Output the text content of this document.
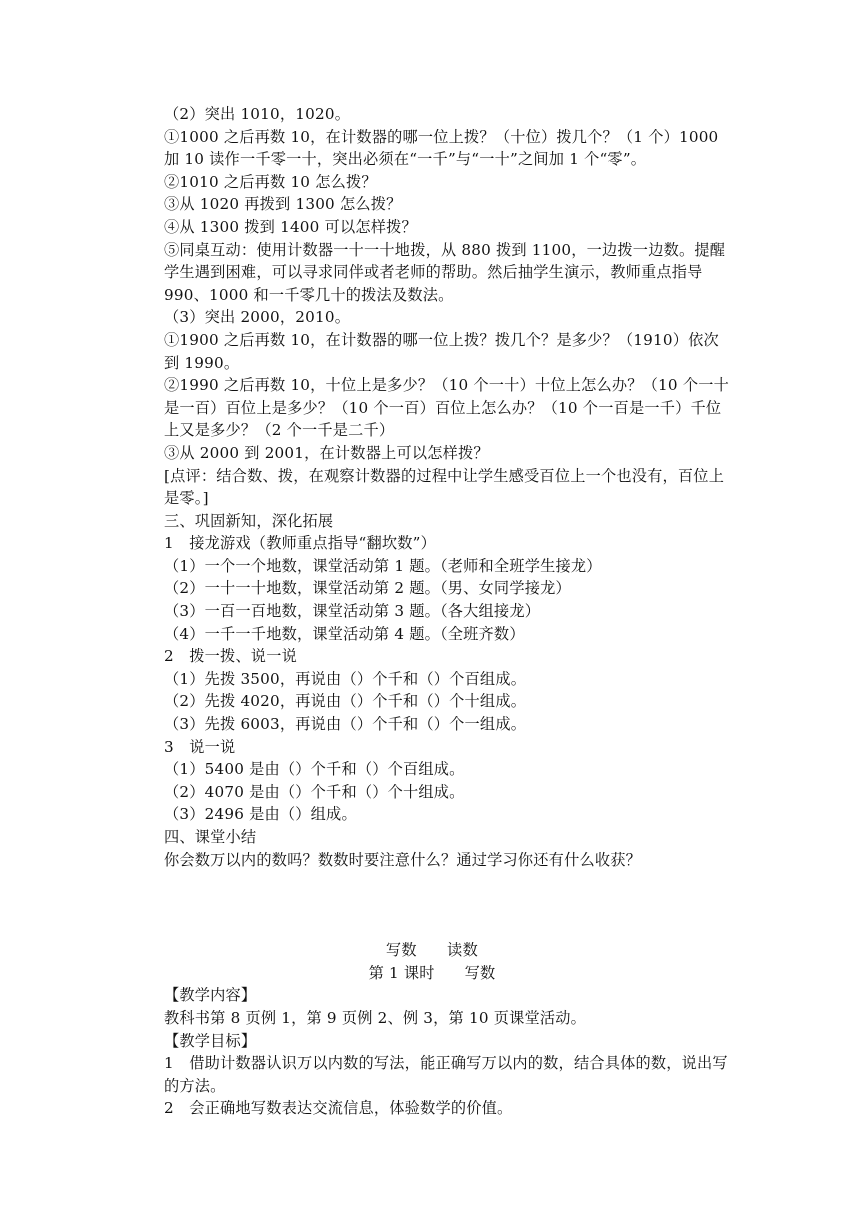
（2）突出 1010，1020。

①1000 之后再数 10，在计数器的哪一位上拨？（十位）拨几个？（1 个）1000 加 10 读作一千零一十，突出必须在“一千”与“一十”之间加 1 个“零”。

②1010 之后再数 10 怎么拨？

③从 1020 再拨到 1300 怎么拨？

④从 1300 拨到 1400 可以怎样拨？

⑤同桌互动：使用计数器一十一十地拨，从 880 拨到 1100，一边拨一边数。提醒学生遇到困难，可以寻求同伴或者老师的帮助。然后抽学生演示，教师重点指导 990、1000 和一千零几十的拨法及数法。

（3）突出 2000，2010。

①1900 之后再数 10，在计数器的哪一位上拨？拨几个？是多少？（1910）依次到 1990。

②1990 之后再数 10，十位上是多少？（10 个一十）十位上怎么办？（10 个一十是一百）百位上是多少？（10 个一百）百位上怎么办？（10 个一百是一千）千位上又是多少？（2 个一千是二千）

③从 2000 到 2001，在计数器上可以怎样拨？

[点评：结合数、拨，在观察计数器的过程中让学生感受百位上一个也没有，百位上是零。]

三、巩固新知，深化拓展

1　接龙游戏（教师重点指导“翻坎数”）

（1）一个一个地数，课堂活动第 1 题。（老师和全班学生接龙）

（2）一十一十地数，课堂活动第 2 题。（男、女同学接龙）

（3）一百一百地数，课堂活动第 3 题。（各大组接龙）

（4）一千一千地数，课堂活动第 4 题。（全班齐数）

2　拨一拨、说一说

（1）先拨 3500，再说由（）个千和（）个百组成。

（2）先拨 4020，再说由（）个千和（）个十组成。

（3）先拨 6003，再说由（）个千和（）个一组成。

3　说一说

（1）5400 是由（）个千和（）个百组成。

（2）4070 是由（）个千和（）个十组成。

（3）2496 是由（）组成。

四、课堂小结

你会数万以内的数吗？数数时要注意什么？通过学习你还有什么收获？

写数 读数

第 1 课时 写数

【教学内容】

教科书第 8 页例 1，第 9 页例 2、例 3，第 10 页课堂活动。

【教学目标】

1　借助计数器认识万以内数的写法，能正确写万以内的数，结合具体的数，说出写的方法。

2　会正确地写数表达交流信息，体验数学的价值。
